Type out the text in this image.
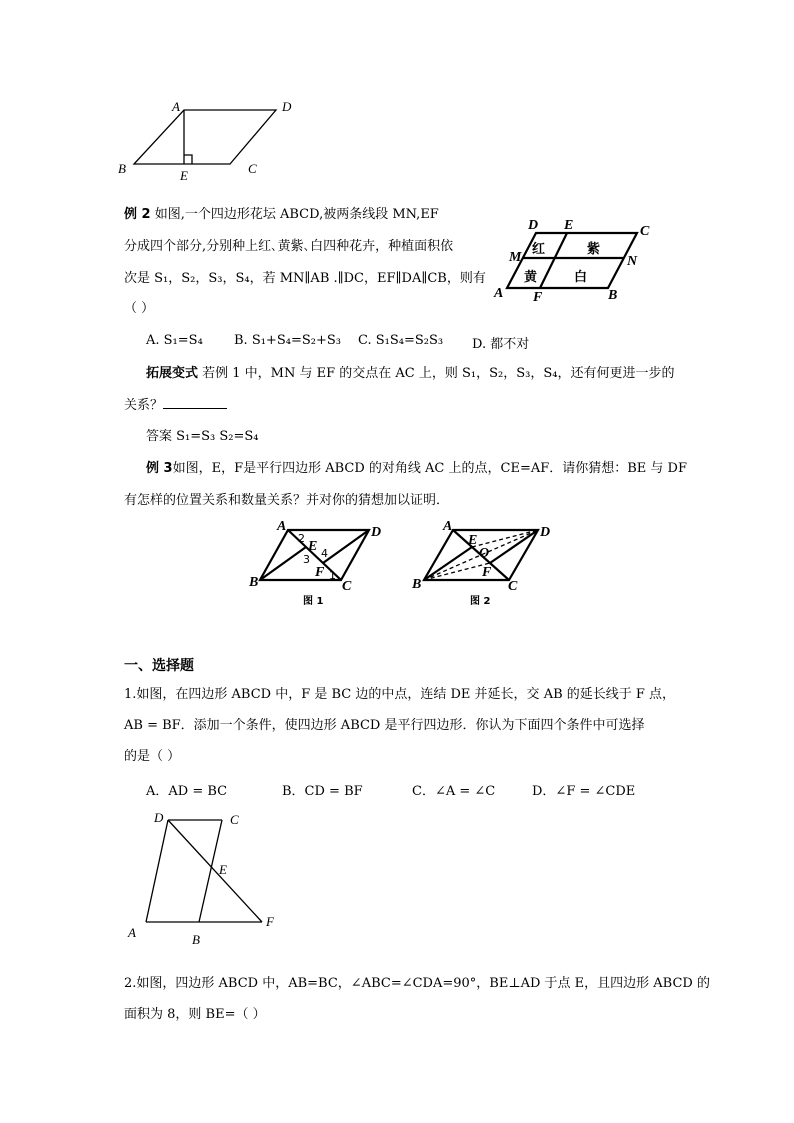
A	D
B	C
E
例 2 如图,一个四边形花坛 ABCD,被两条线段 MN,EF
分成四个部分,分别种上红､黄紫､白四种花卉，种植面积依
次是 S₁，S₂，S₃，S₄，若 MN∥AB .∥DC，EF∥DA∥CB，则有
（ ）
D E	C
M	N
A F	B
红	紫
黄	白
A. S₁=S₄ B. S₁+S₄=S₂+S₃ C. S₁S₄=S₂S₃ D. 都不对
拓展变式 若例 1 中，MN 与 EF 的交点在 AC 上，则 S₁，S₂，S₃，S₄，还有何更进一步的
关系？
答案 S₁=S₃ S₂=S₄
例 3如图，E，F是平行四边形 ABCD 的对角线 AC 上的点，CE=AF．请你猜想：BE 与 DF
有怎样的位置关系和数量关系？并对你的猜想加以证明．
A	D
B	C
E
F 1
2
3 4
图 1
A	D
B	C
E
O
F
图 2
一、选择题
1.如图，在四边形 ABCD 中，F 是 BC 边的中点，连结 DE 并延长，交 AB 的延长线于 F 点，
AB = BF．添加一个条件，使四边形 ABCD 是平行四边形．你认为下面四个条件中可选择
的是（ ）
A．AD = BC	B．CD = BF	C．∠A = ∠C	D．∠F = ∠CDE
D	C
E
A	B
F
2.如图，四边形 ABCD 中，AB=BC，∠ABC=∠CDA=90°，BE⊥AD 于点 E，且四边形 ABCD 的
面积为 8，则 BE=（ ）
